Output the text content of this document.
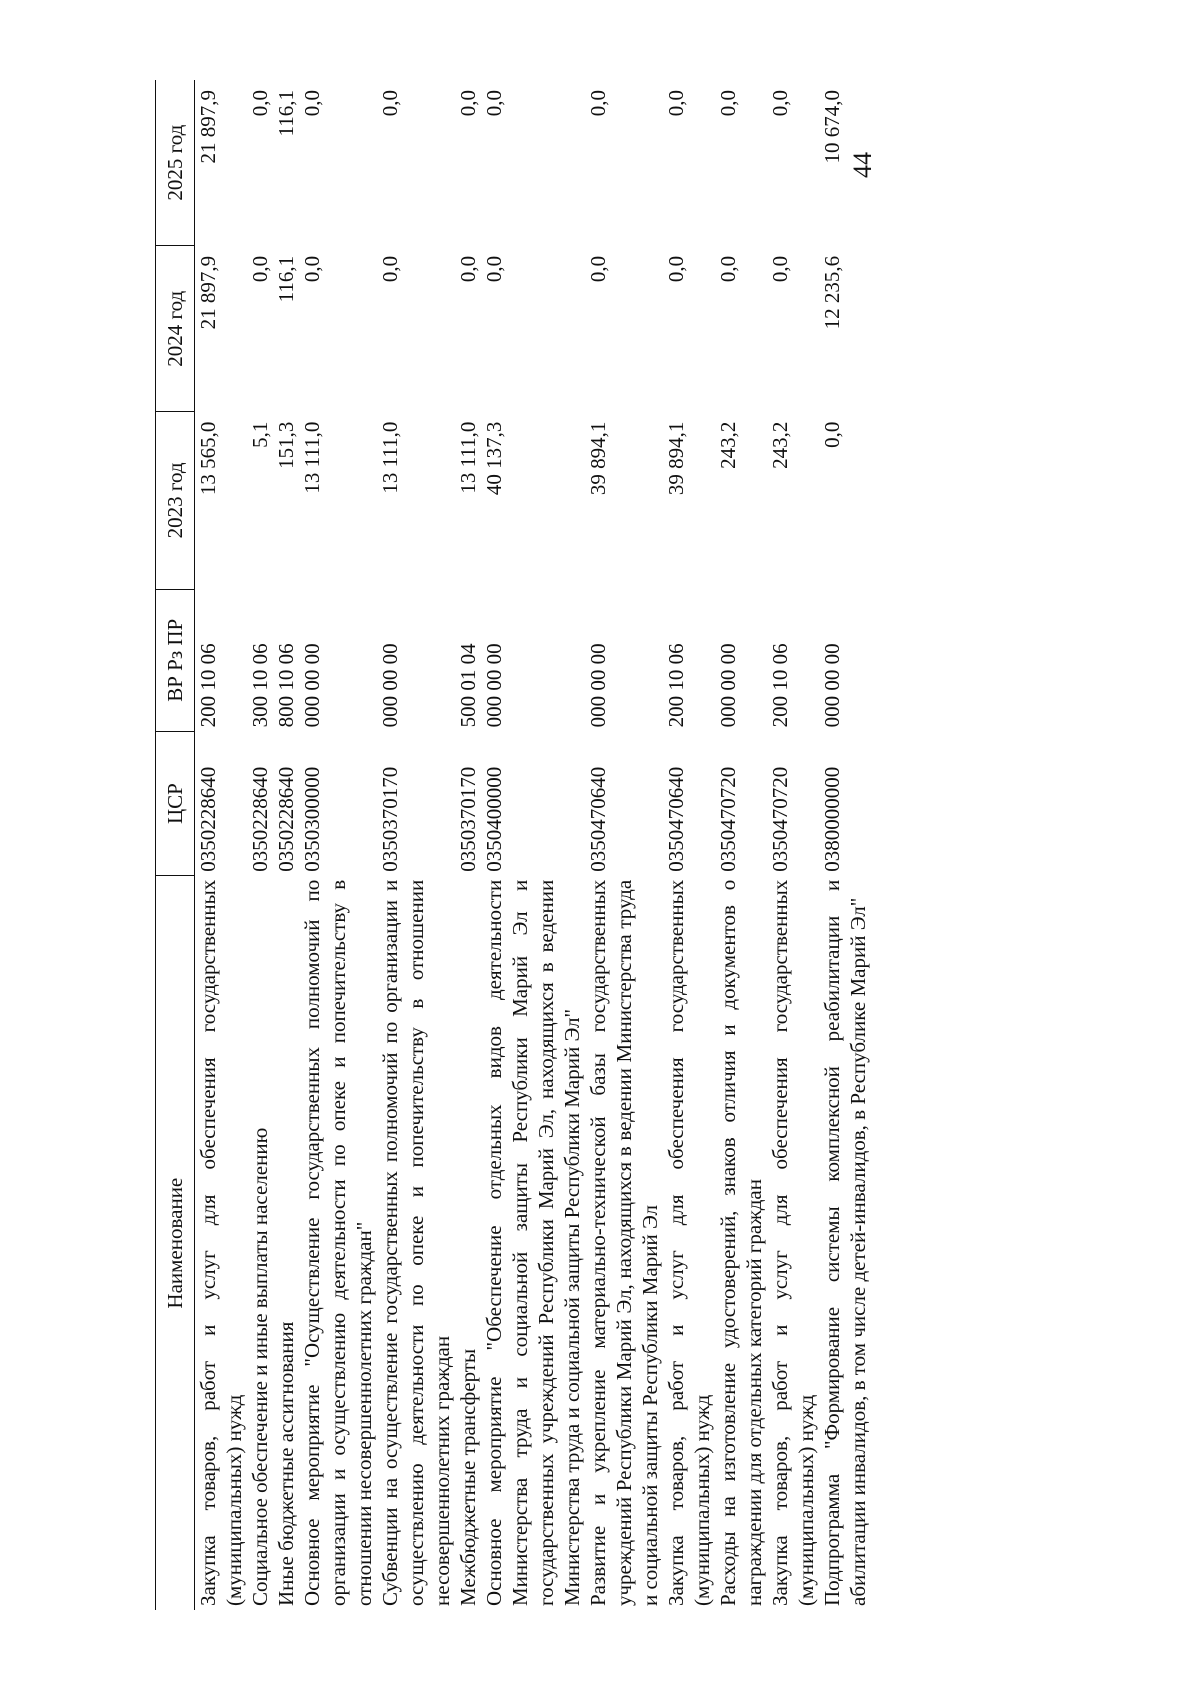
44
Наименование	ЦСР	ВР Рз ПР	2023 год	2024 год	2025 год
Закупка товаров, работ и услуг для обеспечения государственных (муниципальных) нужд	0350228640	200 10 06	13 565,0	21 897,9	21 897,9
Социальное обеспечение и иные выплаты населению	0350228640	300 10 06	5,1	0,0	0,0
Иные бюджетные ассигнования	0350228640	800 10 06	151,3	116,1	116,1
Основное мероприятие "Осуществление государственных полномочий по организации и осуществлению деятельности по опеке и попечительству в отношении несовершеннолетних граждан"	0350300000	000 00 00	13 111,0	0,0	0,0
Субвенции на осуществление государственных полномочий по организации и осуществлению деятельности по опеке и попечительству в отношении несовершеннолетних граждан	0350370170	000 00 00	13 111,0	0,0	0,0
Межбюджетные трансферты	0350370170	500 01 04	13 111,0	0,0	0,0
Основное мероприятие "Обеспечение отдельных видов деятельности Министерства труда и социальной защиты Республики Марий Эл и государственных учреждений Республики Марий Эл, находящихся в ведении Министерства труда и социальной защиты Республики Марий Эл"	0350400000	000 00 00	40 137,3	0,0	0,0
Развитие и укрепление материально-технической базы государственных учреждений Республики Марий Эл, находящихся в ведении Министерства труда и социальной защиты Республики Марий Эл	0350470640	000 00 00	39 894,1	0,0	0,0
Закупка товаров, работ и услуг для обеспечения государственных (муниципальных) нужд	0350470640	200 10 06	39 894,1	0,0	0,0
Расходы на изготовление удостоверений, знаков отличия и документов о награждении для отдельных категорий граждан	0350470720	000 00 00	243,2	0,0	0,0
Закупка товаров, работ и услуг для обеспечения государственных (муниципальных) нужд	0350470720	200 10 06	243,2	0,0	0,0
Подпрограмма "Формирование системы комплексной реабилитации и абилитации инвалидов, в том числе детей-инвалидов, в Республике Марий Эл"	0380000000	000 00 00	0,0	12 235,6	10 674,0
